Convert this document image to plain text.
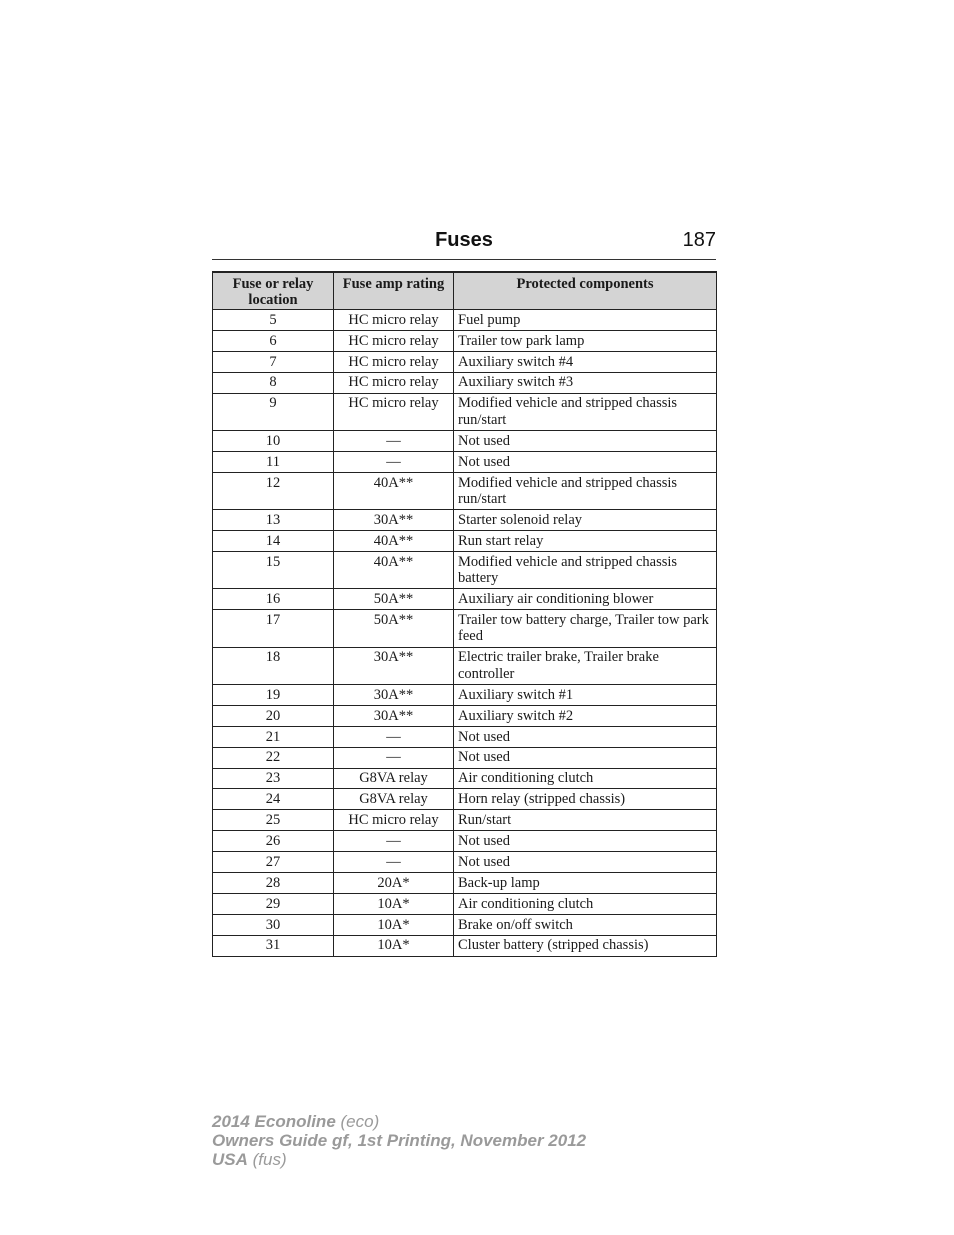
Fuses	187
Fuse or relay location	Fuse amp rating	Protected components
5	HC micro relay	Fuel pump
6	HC micro relay	Trailer tow park lamp
7	HC micro relay	Auxiliary switch #4
8	HC micro relay	Auxiliary switch #3
9	HC micro relay	Modified vehicle and stripped chassis run/start
10	—	Not used
11	—	Not used
12	40A**	Modified vehicle and stripped chassis run/start
13	30A**	Starter solenoid relay
14	40A**	Run start relay
15	40A**	Modified vehicle and stripped chassis battery
16	50A**	Auxiliary air conditioning blower
17	50A**	Trailer tow battery charge, Trailer tow park feed
18	30A**	Electric trailer brake, Trailer brake controller
19	30A**	Auxiliary switch #1
20	30A**	Auxiliary switch #2
21	—	Not used
22	—	Not used
23	G8VA relay	Air conditioning clutch
24	G8VA relay	Horn relay (stripped chassis)
25	HC micro relay	Run/start
26	—	Not used
27	—	Not used
28	20A*	Back-up lamp
29	10A*	Air conditioning clutch
30	10A*	Brake on/off switch
31	10A*	Cluster battery (stripped chassis)
2014 Econoline (eco)
Owners Guide gf, 1st Printing, November 2012
USA (fus)
